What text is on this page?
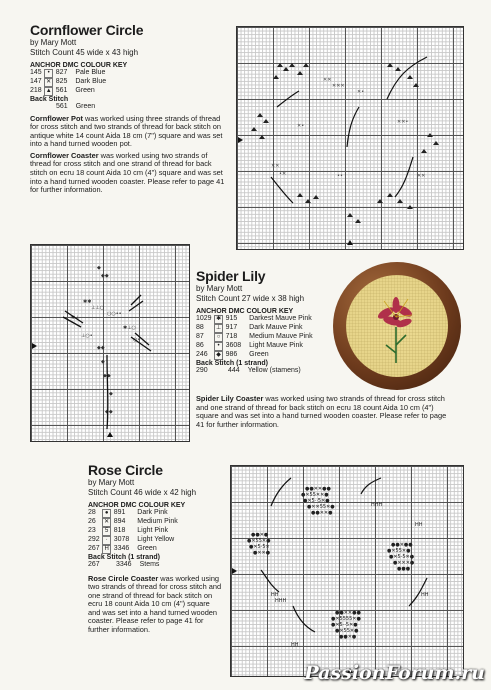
Cornflower Circle
by Mary Mott
Stitch Count 45 wide x 43 high
ANCHOR DMC COLOUR KEY
145	•	827	Pale Blue
147	✕	825	Dark Blue
218	▲	561	Green
Back Stitch
		561	Green
Cornflower Pot was worked using three strands of thread for cross stitch and two strands of thread for back stitch on antique white 14 count Aida 18 cm (7") square and was set into a hand turned wooden pot.
Cornflower Coaster was worked using two strands of thread for cross stitch and one strand of thread for back stitch on ecru 18 count Aida 10 cm (4") square and was set into a hand turned wooden coaster. Please refer to page 41 for further information.
✕✕
✕✕✕
✕•
✕✕
•✕	✕✕
••
✕•
✕✕•
◆
◆◆
✱✱
⊥⊥○
○○••
✱⊥
✱⊥○
⊥○•
○•
◆◆
◆
◆◆
◆
◆◆
Spider Lily
by Mary Mott
Stitch Count 27 wide x 38 high
ANCHOR DMC COLOUR KEY
1029	✱	915	Darkest Mauve Pink
88	⊥	917	Dark Mauve Pink
87	○	718	Medium Mauve Pink
86	•	3608	Light Mauve Pink
246	◆	986	Green
Back Stitch (1 strand)
290		444	Yellow (stamens)
Spider Lily Coaster was worked using two strands of thread for cross stitch and one strand of thread for back stitch on ecru 18 count Aida 10 cm (4") square and was set into a hand turned wooden coaster. Please refer to page 41 for further information.
Rose Circle
by Mary Mott
Stitch Count 46 wide x 42 high
ANCHOR DMC COLOUR KEY
28	●	891	Dark Pink
26	✕	894	Medium Pink
23	5	818	Light Pink
292	·	3078	Light Yellow
267	H	3346	Green
Back Stitch (1 strand)
267		3346	Stems
Rose Circle Coaster was worked using two strands of thread for cross stitch and one strand of thread for back stitch on ecru 18 count Aida 10 cm (4") square and was set into a hand turned wooden coaster. Please refer to page 41 for further information.
●●✕✕●●
●✕55✕✕●
●✕5··5✕●
●✕✕55✕●
●●✕✕●
●●✕●
●✕55✕●
●✕5·5✕
●✕✕●
●●✕●●
●✕55✕●
●✕5·5✕●
●✕✕✕●
●●●
●●✕✕●●
●✕5555✕●
●✕5··5✕●
●✕55✕●
●●✕●
HH
HHH
HH
HH
HHH
HH
PassionForum.ru
